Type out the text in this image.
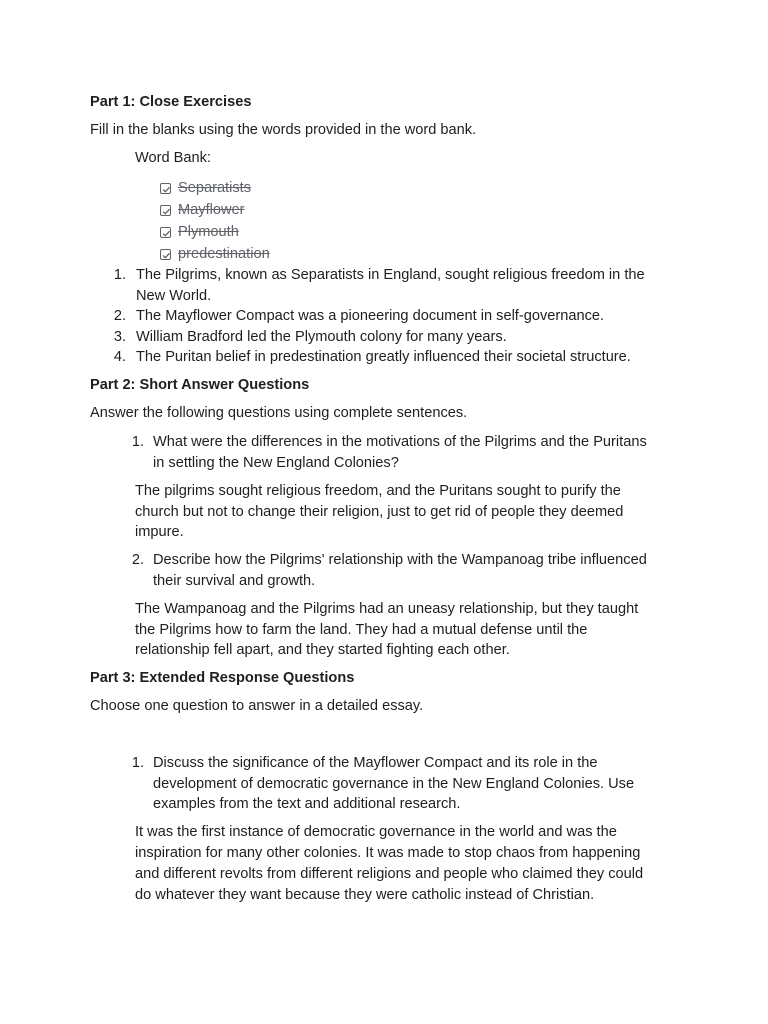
Part 1: Close Exercises

Fill in the blanks using the words provided in the word bank.

Word Bank:

Separatists
Mayflower
Plymouth
predestination
1. The Pilgrims, known as Separatists in England, sought religious freedom in the
New World.
2. The Mayflower Compact was a pioneering document in self-governance.
3. William Bradford led the Plymouth colony for many years.
4. The Puritan belief in predestination greatly influenced their societal structure.

Part 2: Short Answer Questions

Answer the following questions using complete sentences.

1. What were the differences in the motivations of the Pilgrims and the Puritans
in settling the New England Colonies?
The pilgrims sought religious freedom, and the Puritans sought to purify the
church but not to change their religion, just to get rid of people they deemed
impure.
2. Describe how the Pilgrims' relationship with the Wampanoag tribe influenced
their survival and growth.
The Wampanoag and the Pilgrims had an uneasy relationship, but they taught
the Pilgrims how to farm the land. They had a mutual defense until the
relationship fell apart, and they started fighting each other.

Part 3: Extended Response Questions

Choose one question to answer in a detailed essay.

1. Discuss the significance of the Mayflower Compact and its role in the
development of democratic governance in the New England Colonies. Use
examples from the text and additional research.
It was the first instance of democratic governance in the world and was the
inspiration for many other colonies. It was made to stop chaos from happening
and different revolts from different religions and people who claimed they could
do whatever they want because they were catholic instead of Christian.
